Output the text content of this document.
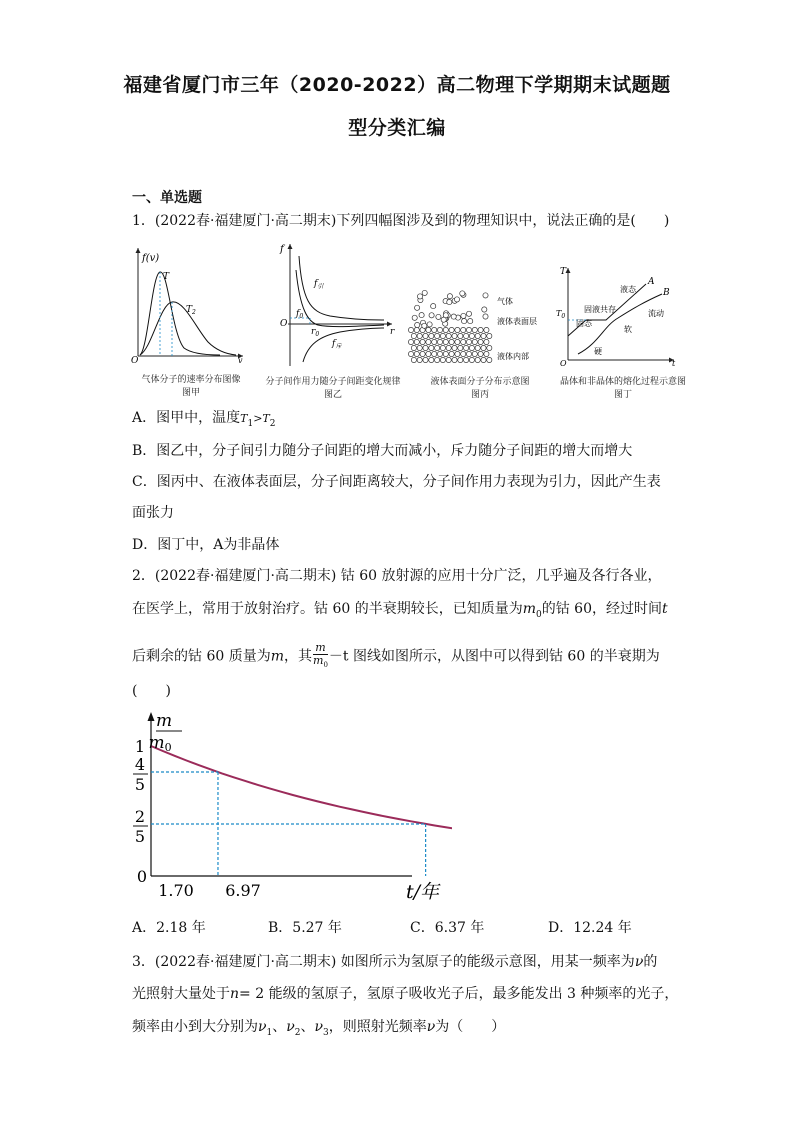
福建省厦门市三年（2020-2022）高二物理下学期期末试题题
型分类汇编
一、单选题
1．(2022春·福建厦门·高二期末)下列四幅图涉及到的物理知识中，说法正确的是(　　)
f(v)
T
$T_2$
O	v
气体分子的速率分布图像
图甲
f
$f_引$
$f_0$
$f_斥$
O
$r_0$	r
分子间作用力随分子间距变化规律
图乙
气体
液体表面层
液体内部
液体表面分子分布示意图
图丙
T
$T_0$
O	t
A
B
液态
固液共存
固态
流动
软
硬
晶体和非晶体的熔化过程示意图
图丁
A．图甲中，温度$T_1>T_2$
B．图乙中，分子间引力随分子间距的增大而减小，斥力随分子间距的增大而增大
C．图丙中、在液体表面层，分子间距离较大，分子间作用力表现为引力，因此产生表
面张力
D．图丁中，A为非晶体
2．(2022春·福建厦门·高二期末) 钴 60 放射源的应用十分广泛，几乎遍及各行各业，
在医学上，常用于放射治疗。钴 60 的半衰期较长，已知质量为$m_0$的钴 60，经过时间t
后剩余的钴 60 质量为m，其 $\frac{m}{m_0} -t$ 图线如图所示，从图中可以得到钴 60 的半衰期为
(　　)
m
m0
1
4
5
2
5
0
1.70 6.97	t/年
A．2.18 年	B．5.27 年	C．6.37 年	D．12.24 年
3．(2022春·福建厦门·高二期末) 如图所示为氢原子的能级示意图，用某一频率为ν的
光照射大量处于n= 2 能级的氢原子，氢原子吸收光子后，最多能发出 3 种频率的光子，
频率由小到大分别为$\nu_1$、$\nu_2$、$\nu_3$，则照射光频率ν为（　　）
